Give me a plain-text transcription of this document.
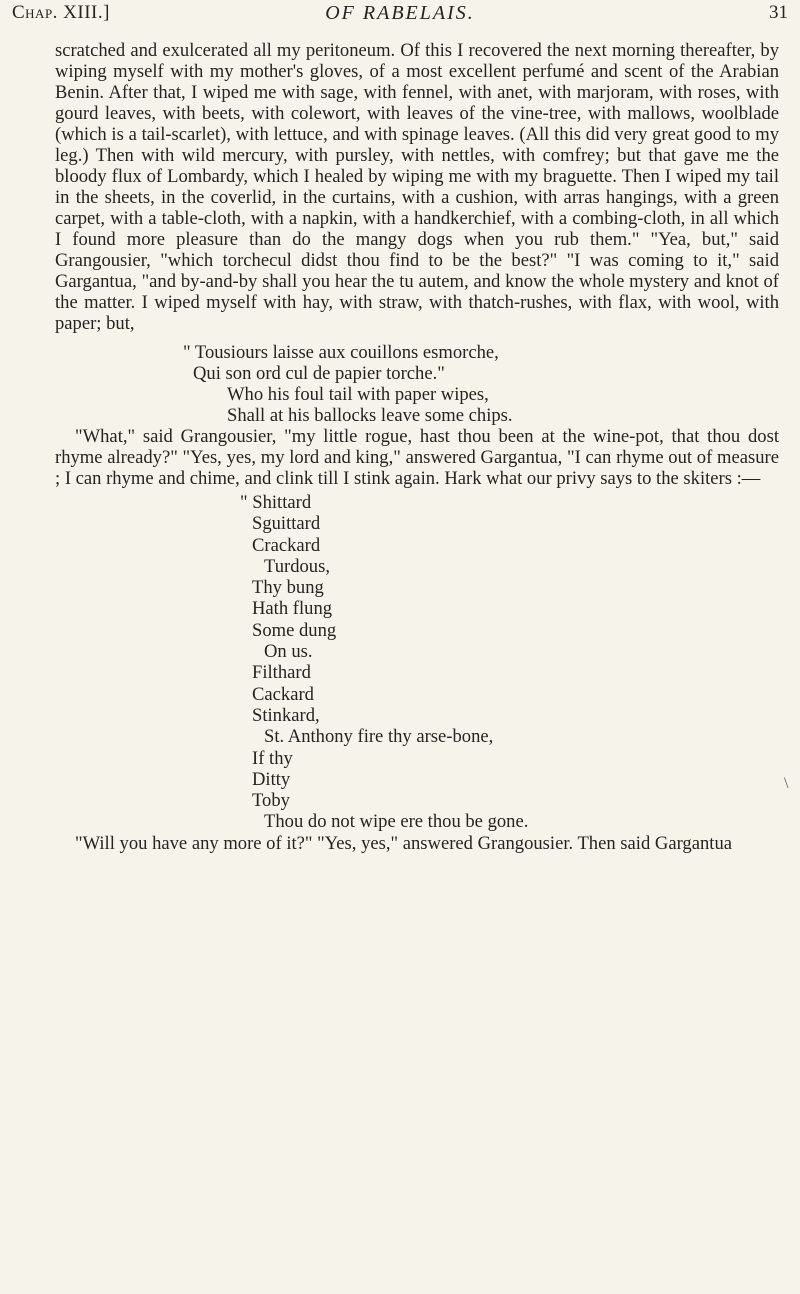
Chap. XIII.]	OF RABELAIS.	31

scratched and exulcerated all my peritoneum. Of this I recovered the next morning thereafter, by wiping myself with my mother's gloves, of a most excellent perfumé and scent of the Arabian Benin. After that, I wiped me with sage, with fennel, with anet, with marjoram, with roses, with gourd leaves, with beets, with colewort, with leaves of the vine-tree, with mallows, woolblade (which is a tail-scarlet), with lettuce, and with spinage leaves. (All this did very great good to my leg.) Then with wild mercury, with pursley, with nettles, with comfrey; but that gave me the bloody flux of Lombardy, which I healed by wiping me with my braguette. Then I wiped my tail in the sheets, in the coverlid, in the curtains, with a cushion, with arras hangings, with a green carpet, with a table-cloth, with a napkin, with a handkerchief, with a combing-cloth, in all which I found more pleasure than do the mangy dogs when you rub them." "Yea, but," said Grangousier, "which torchecul didst thou find to be the best?" "I was coming to it," said Gargantua, "and by-and-by shall you hear the tu autem, and know the whole mystery and knot of the matter. I wiped myself with hay, with straw, with thatch-rushes, with flax, with wool, with paper; but,

" Tousiours laisse aux couillons esmorche,
Qui son ord cul de papier torche."
Who his foul tail with paper wipes,
Shall at his ballocks leave some chips.

"What," said Grangousier, "my little rogue, hast thou been at the wine-pot, that thou dost rhyme already?" "Yes, yes, my lord and king," answered Gargantua, "I can rhyme out of measure ; I can rhyme and chime, and clink till I stink again. Hark what our privy says to the skiters :—

" Shittard
Sguittard
Crackard
Turdous,
Thy bung
Hath flung
Some dung
On us.
Filthard
Cackard
Stinkard,
St. Anthony fire thy arse-bone,
If thy
Ditty
Toby
Thou do not wipe ere thou be gone.

"Will you have any more of it?" "Yes, yes," answered Grangousier. Then said Gargantua

\
